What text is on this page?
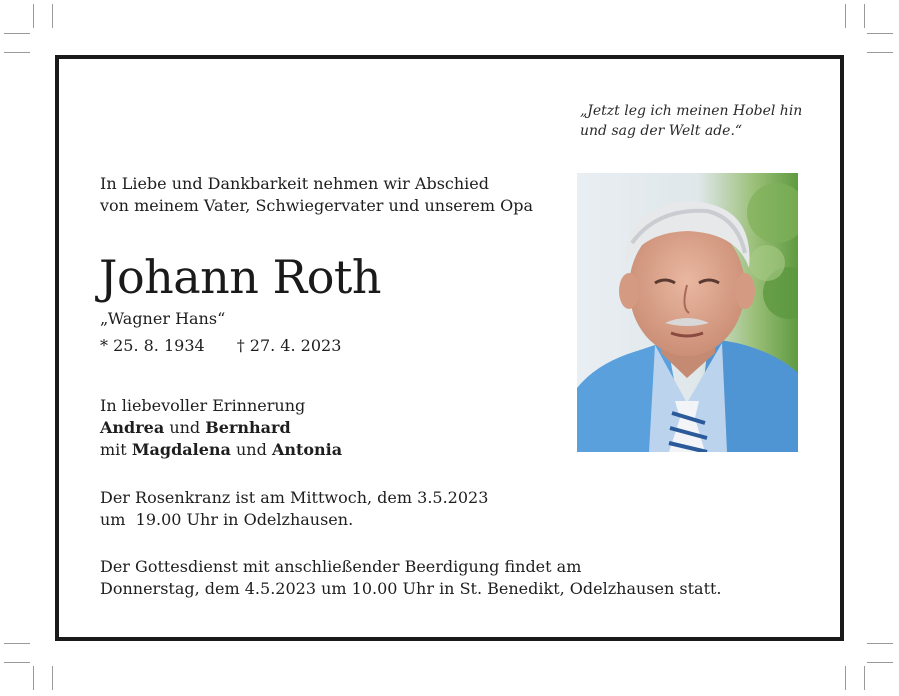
„Jetzt leg ich meinen Hobel hin
und sag der Welt ade.“
In Liebe und Dankbarkeit nehmen wir Abschied
von meinem Vater, Schwiegervater und unserem Opa
Johann Roth
„Wagner Hans“
* 25. 8. 1934 † 27. 4. 2023
In liebevoller Erinnerung
Andrea und Bernhard
mit Magdalena und Antonia
Der Rosenkranz ist am Mittwoch, dem 3.5.2023
um  19.00 Uhr in Odelzhausen.
Der Gottesdienst mit anschließender Beerdigung findet am
Donnerstag, dem 4.5.2023 um 10.00 Uhr in St. Benedikt, Odelzhausen statt.
